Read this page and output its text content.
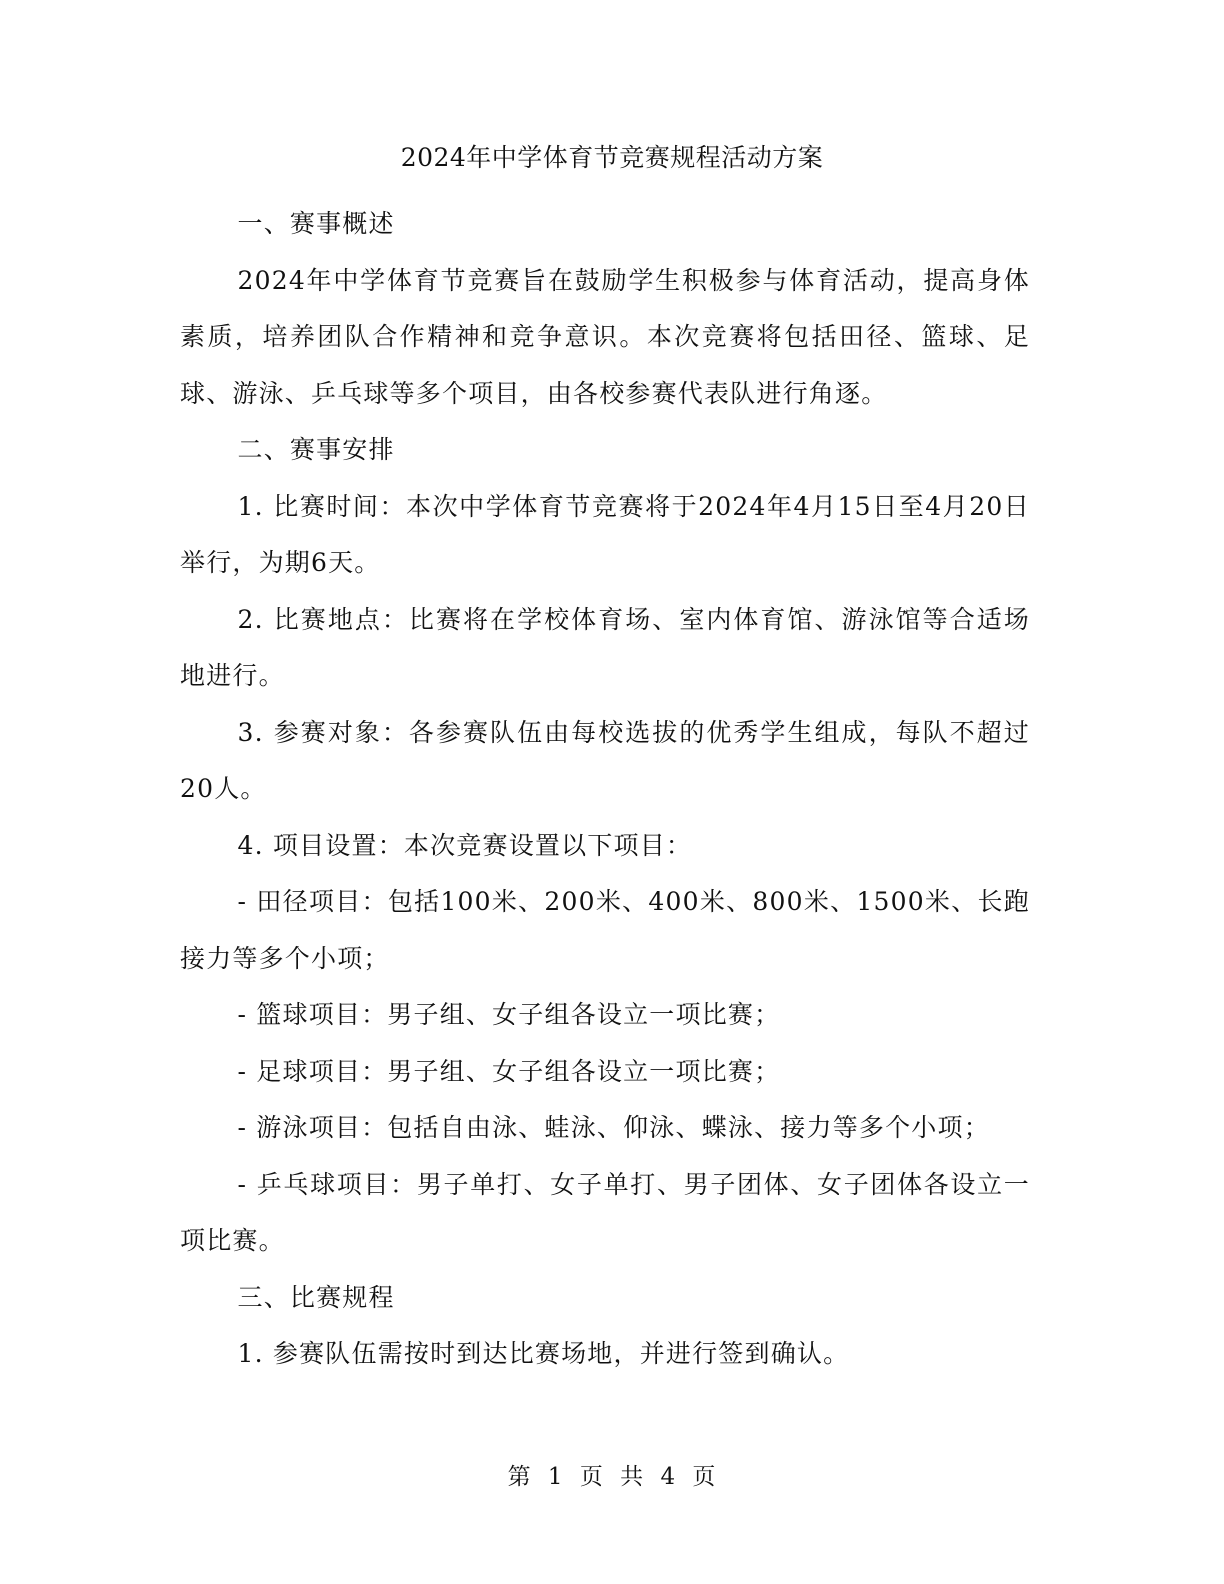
2024年中学体育节竞赛规程活动方案

一、赛事概述

2024年中学体育节竞赛旨在鼓励学生积极参与体育活动，提高身体素质，培养团队合作精神和竞争意识。本次竞赛将包括田径、篮球、足球、游泳、乒乓球等多个项目，由各校参赛代表队进行角逐。

二、赛事安排

1. 比赛时间：本次中学体育节竞赛将于2024年4月15日至4月20日举行，为期6天。

2. 比赛地点：比赛将在学校体育场、室内体育馆、游泳馆等合适场地进行。

3. 参赛对象：各参赛队伍由每校选拔的优秀学生组成，每队不超过20人。

4. 项目设置：本次竞赛设置以下项目：

- 田径项目：包括100米、200米、400米、800米、1500米、长跑接力等多个小项；

- 篮球项目：男子组、女子组各设立一项比赛；

- 足球项目：男子组、女子组各设立一项比赛；

- 游泳项目：包括自由泳、蛙泳、仰泳、蝶泳、接力等多个小项；

- 乒乓球项目：男子单打、女子单打、男子团体、女子团体各设立一项比赛。

三、比赛规程

1. 参赛队伍需按时到达比赛场地，并进行签到确认。

第 1 页 共 4 页
